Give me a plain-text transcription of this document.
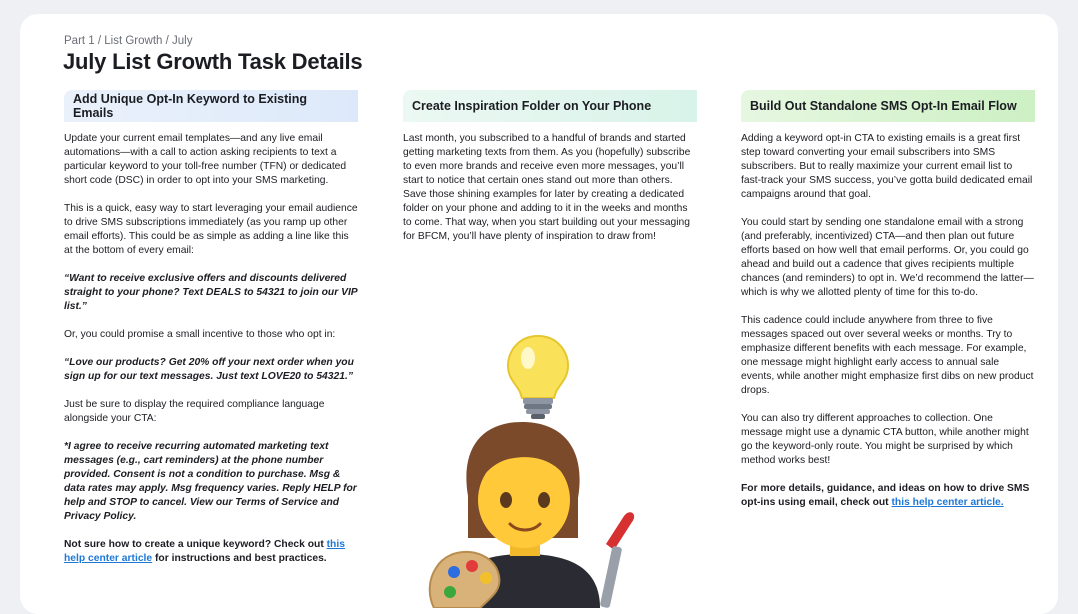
Part 1 / List Growth / July
July List Growth Task Details
Add Unique Opt-In Keyword to Existing Emails

Update your current email templates—and any live email automations—with a call to action asking recipients to text a particular keyword to your toll-free number (TFN) or dedicated short code (DSC) in order to opt into your SMS marketing.

This is a quick, easy way to start leveraging your email audience to drive SMS subscriptions immediately (as you ramp up other email efforts). This could be as simple as adding a line like this at the bottom of every email:

“Want to receive exclusive offers and discounts delivered straight to your phone? Text DEALS to 54321 to join our VIP list.”

Or, you could promise a small incentive to those who opt in:

“Love our products? Get 20% off your next order when you sign up for our text messages. Just text LOVE20 to 54321.”

Just be sure to display the required compliance language alongside your CTA:

*I agree to receive recurring automated marketing text messages (e.g., cart reminders) at the phone number provided. Consent is not a condition to purchase. Msg & data rates may apply. Msg frequency varies. Reply HELP for help and STOP to cancel. View our Terms of Service and Privacy Policy.

Not sure how to create a unique keyword? Check out this help center article for instructions and best practices.

Create Inspiration Folder on Your Phone

Last month, you subscribed to a handful of brands and started getting marketing texts from them. As you (hopefully) subscribe to even more brands and receive even more messages, you’ll start to notice that certain ones stand out more than others. Save those shining examples for later by creating a dedicated folder on your phone and adding to it in the weeks and months to come. That way, when you start building out your messaging for BFCM, you’ll have plenty of inspiration to draw from!

Build Out Standalone SMS Opt-In Email Flow

Adding a keyword opt-in CTA to existing emails is a great first step toward converting your email subscribers into SMS subscribers. But to really maximize your current email list to fast-track your SMS success, you’ve gotta build dedicated email campaigns around that goal.

You could start by sending one standalone email with a strong (and preferably, incentivized) CTA—and then plan out future efforts based on how well that email performs. Or, you could go ahead and build out a cadence that gives recipients multiple chances (and reminders) to opt in. We’d recommend the latter—which is why we allotted plenty of time for this to-do.

This cadence could include anywhere from three to five messages spaced out over several weeks or months. Try to emphasize different benefits with each message. For example, one message might highlight early access to annual sale events, while another might emphasize first dibs on new product drops.

You can also try different approaches to collection. One message might use a dynamic CTA button, while another might go the keyword-only route. You might be surprised by which method works best!

For more details, guidance, and ideas on how to drive SMS opt-ins using email, check out this help center article.
